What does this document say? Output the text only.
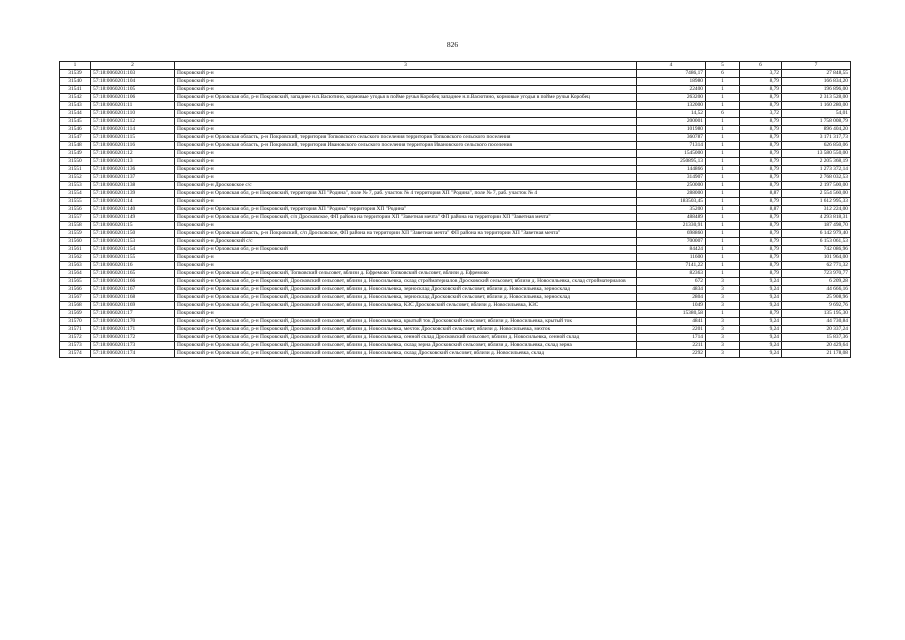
826
1	2	3	4	5	6	7
31539	57:18:0060201:103	Покровский р-н	7486,17	6	3,72	27 848,55
31540	57:18:0060201:104	Покровский р-н	18980	1	8,79	166 834,20
31541	57:18:0060201:105	Покровский р-н	22400	1	8,79	196 896,00
31542	57:18:0060201:106	Покровский р-н Орловская обл, р-н Покровский, западнее н.п.Васютино, кормовые угодья в пойме ручья Коробец западнее н.п.Васютино, кормовые угодья в пойме ручья Коробец	263200	1	8,79	2 313 528,00
31543	57:18:0060201:11	Покровский р-н	132000	1	8,79	1 160 280,00
31544	57:18:0060201:110	Покровский р-н	14,52	6	3,72	54,01
31545	57:18:0060201:112	Покровский р-н	200001	1	8,79	1 758 008,79
31546	57:18:0060201:114	Покровский р-н	101980	1	8,79	896 404,20
31547	57:18:0060201:115	Покровский р-н Орловская область, р-н Покровский, территория Топковского сельского поселения территория Топковского сельского поселения	360787	1	8,79	3 171 317,73
31548	57:18:0060201:116	Покровский р-н Орловская область, р-н Покровский, территория Ивановского сельского поселения территория Ивановского сельского поселения	71314	1	8,79	626 850,06
31549	57:18:0060201:12	Покровский р-н	1545000	1	8,79	13 580 550,00
31550	57:18:0060201:13	Покровский р-н	250895,13	1	8,79	2 205 368,19
31551	57:18:0060201:136	Покровский р-н	144866	1	8,79	1 273 372,14
31552	57:18:0060201:137	Покровский р-н	314907	1	8,79	2 768 032,53
31553	57:18:0060201:138	Покровский р-н Дросковское с/с	250000	1	8,79	2 197 500,00
31554	57:18:0060201:139	Покровский р-н Орловская обл, р-н Покровский, территория ХП "Родина", поле № 7, раб. участок № 4 территория ХП "Родина", поле № 7, раб. участок № 4	288000	1	8,87	2 554 560,00
31555	57:18:0060201:14	Покровский р-н	183503,45	1	8,79	1 612 995,33
31556	57:18:0060201:140	Покровский р-н Орловская обл, р-н Покровский, территория ХП "Родина" территория ХП "Родина"	35200	1	8,87	312 224,00
31557	57:18:0060201:149	Покровский р-н Орловская обл, р-н Покровский, с/п Дросковское, ФП района на территории ХП "Заветная мечта" ФП района на территории ХП "Заветная мечта"	488489	1	8,79	4 293 818,31
31558	57:18:0060201:15	Покровский р-н	21330,91	1	8,79	187 498,70
31559	57:18:0060201:150	Покровский р-н Орловская область, р-н Покровский, с/п Дросковское, ФП района на территории ХП "Заветная мечта" ФП района на территории ХП "Заветная мечта"	698860	1	8,79	6 142 979,40
31560	57:18:0060201:153	Покровский р-н Дросковский с/с	700007	1	8,79	6 153 061,53
31561	57:18:0060201:154	Покровский р-н Орловская обл, р-н Покровский	84424	1	8,79	742 086,96
31562	57:18:0060201:155	Покровский р-н	11600	1	8,79	101 964,00
31563	57:18:0060201:16	Покровский р-н	7141,22	1	8,79	62 771,32
31564	57:18:0060201:165	Покровский р-н Орловская обл, р-н Покровский, Топковский сельсовет, вблизи д. Ефремово Топковский сельсовет, вблизи д. Ефремово	82363	1	8,79	723 970,77
31565	57:18:0060201:166	Покровский р-н Орловская обл, р-н Покровский, Дросковский сельсовет, вблизи д. Новосильевка, склад стройматериалов Дросковский сельсовет, вблизи д. Новосильевка, склад стройматериалов	672	3	9,24	6 209,28
31566	57:18:0060201:167	Покровский р-н Орловская обл, р-н Покровский, Дросковский сельсовет, вблизи д. Новосильевка, зерносклад Дросковский сельсовет, вблизи д. Новосильевка, зерносклад	4834	3	9,24	44 666,16
31567	57:18:0060201:168	Покровский р-н Орловская обл, р-н Покровский, Дросковский сельсовет, вблизи д. Новосильевка, зерносклад Дросковский сельсовет, вблизи д. Новосильевка, зерносклад	2804	3	9,24	25 908,96
31568	57:18:0060201:169	Покровский р-н Орловская обл, р-н Покровский, Дросковский сельсовет, вблизи д. Новосильевка, КЗС Дросковский сельсовет, вблизи д. Новосильевка, КЗС	1049	3	9,24	9 692,76
31569	57:18:0060201:17	Покровский р-н	15380,58	1	8,79	135 195,30
31570	57:18:0060201:170	Покровский р-н Орловская обл, р-н Покровский, Дросковский сельсовет, вблизи д. Новосильевка, крытый ток Дросковский сельсовет, вблизи д. Новосильевка, крытый ток	4841	3	9,24	44 730,84
31571	57:18:0060201:171	Покровский р-н Орловская обл, р-н Покровский, Дросковский сельсовет, вблизи д. Новосильевка, мехток Дросковский сельсовет, вблизи д. Новосильевка, мехток	2201	3	9,24	20 337,24
31572	57:18:0060201:172	Покровский р-н Орловская обл, р-н Покровский, Дросковский сельсовет, вблизи д. Новосильевка, сенной склад Дросковский сельсовет, вблизи д. Новосильевка, сенной склад	1714	3	9,24	15 837,36
31573	57:18:0060201:173	Покровский р-н Орловская обл, р-н Покровский, Дросковский сельсовет, вблизи д. Новосильевка, склад зерна Дросковский сельсовет, вблизи д. Новосильевка, склад зерна	2211	3	9,24	20 429,64
31574	57:18:0060201:174	Покровский р-н Орловская обл, р-н Покровский, Дросковский сельсовет, вблизи д. Новосильевка, склад Дросковский сельсовет, вблизи д. Новосильевка, склад	2292	3	9,24	21 178,08
